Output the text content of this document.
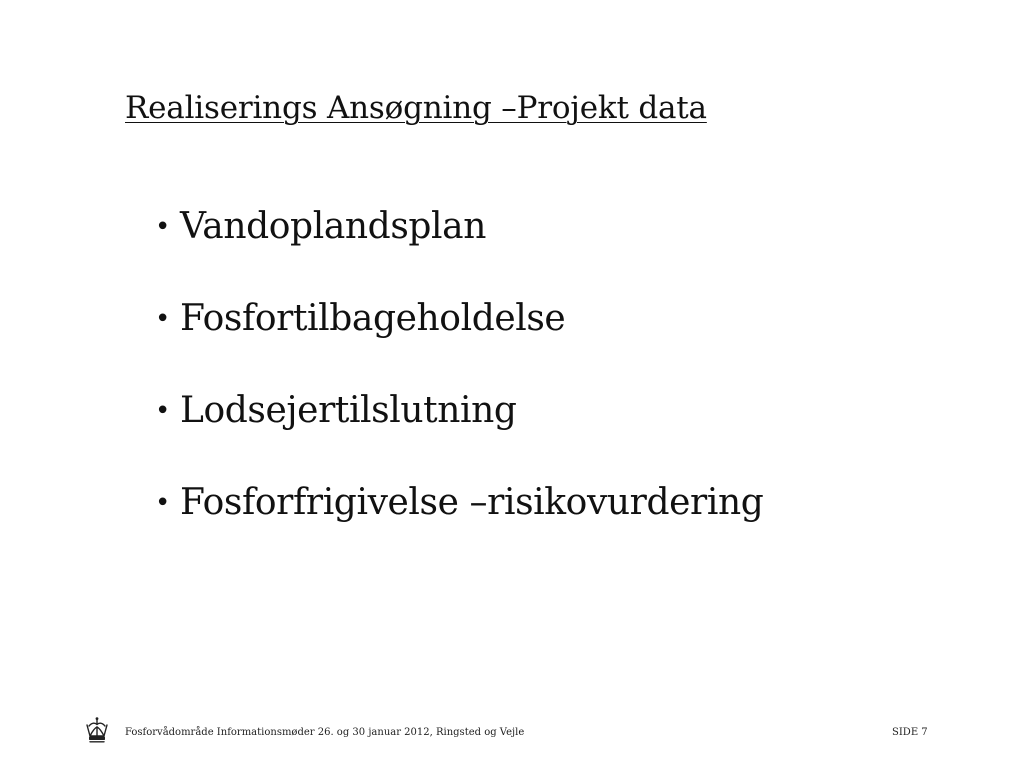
Realiserings Ansøgning –Projekt data
• Vandoplandsplan
• Fosfortilbageholdelse
• Lodsejertilslutning
• Fosforfrigivelse –risikovurdering
Fosforvådområde Informationsmøder 26. og 30 januar 2012, Ringsted og Vejle	SIDE 7
